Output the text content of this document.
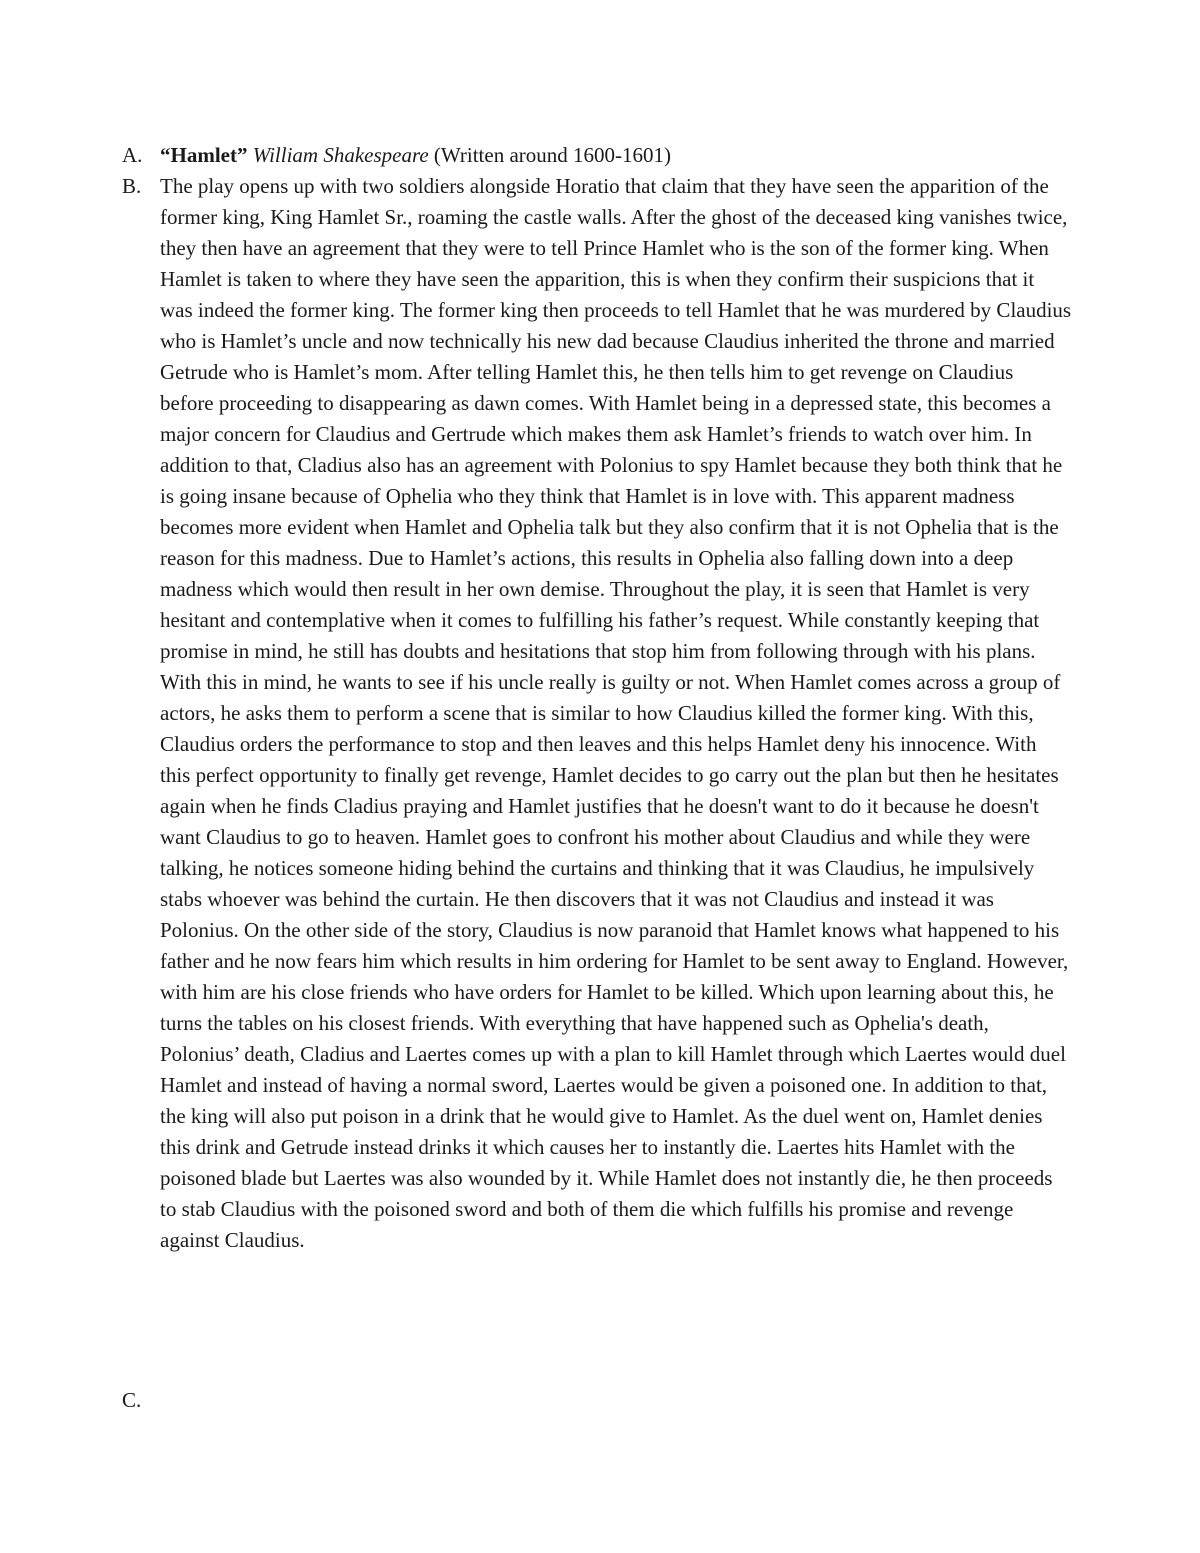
A. “Hamlet” William Shakespeare (Written around 1600-1601)
B. The play opens up with two soldiers alongside Horatio that claim that they have seen the apparition of the former king, King Hamlet Sr., roaming the castle walls. After the ghost of the deceased king vanishes twice, they then have an agreement that they were to tell Prince Hamlet who is the son of the former king. When Hamlet is taken to where they have seen the apparition, this is when they confirm their suspicions that it was indeed the former king. The former king then proceeds to tell Hamlet that he was murdered by Claudius who is Hamlet’s uncle and now technically his new dad because Claudius inherited the throne and married Getrude who is Hamlet’s mom. After telling Hamlet this, he then tells him to get revenge on Claudius before proceeding to disappearing as dawn comes. With Hamlet being in a depressed state, this becomes a major concern for Claudius and Gertrude which makes them ask Hamlet’s friends to watch over him. In addition to that, Cladius also has an agreement with Polonius to spy Hamlet because they both think that he is going insane because of Ophelia who they think that Hamlet is in love with. This apparent madness becomes more evident when Hamlet and Ophelia talk but they also confirm that it is not Ophelia that is the reason for this madness. Due to Hamlet’s actions, this results in Ophelia also falling down into a deep madness which would then result in her own demise. Throughout the play, it is seen that Hamlet is very hesitant and contemplative when it comes to fulfilling his father’s request. While constantly keeping that promise in mind, he still has doubts and hesitations that stop him from following through with his plans. With this in mind, he wants to see if his uncle really is guilty or not. When Hamlet comes across a group of actors, he asks them to perform a scene that is similar to how Claudius killed the former king. With this, Claudius orders the performance to stop and then leaves and this helps Hamlet deny his innocence. With this perfect opportunity to finally get revenge, Hamlet decides to go carry out the plan but then he hesitates again when he finds Cladius praying and Hamlet justifies that he doesn't want to do it because he doesn't want Claudius to go to heaven. Hamlet goes to confront his mother about Claudius and while they were talking, he notices someone hiding behind the curtains and thinking that it was Claudius, he impulsively stabs whoever was behind the curtain. He then discovers that it was not Claudius and instead it was Polonius. On the other side of the story, Claudius is now paranoid that Hamlet knows what happened to his father and he now fears him which results in him ordering for Hamlet to be sent away to England. However, with him are his close friends who have orders for Hamlet to be killed. Which upon learning about this, he turns the tables on his closest friends. With everything that have happened such as Ophelia's death, Polonius’ death, Cladius and Laertes comes up with a plan to kill Hamlet through which Laertes would duel Hamlet and instead of having a normal sword, Laertes would be given a poisoned one. In addition to that, the king will also put poison in a drink that he would give to Hamlet. As the duel went on, Hamlet denies this drink and Getrude instead drinks it which causes her to instantly die. Laertes hits Hamlet with the poisoned blade but Laertes was also wounded by it. While Hamlet does not instantly die, he then proceeds to stab Claudius with the poisoned sword and both of them die which fulfills his promise and revenge against Claudius.
C.
